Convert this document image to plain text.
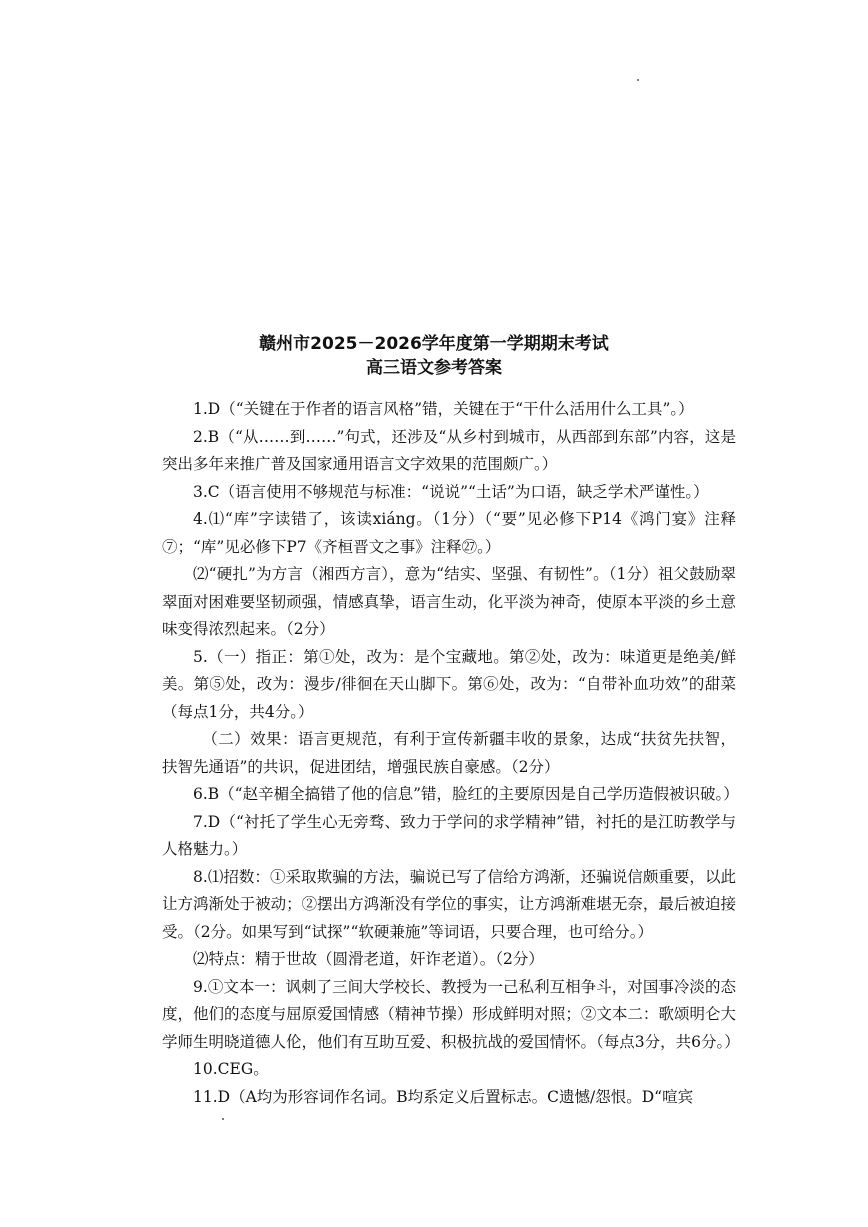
赣州市2025－2026学年度第一学期期末考试

高三语文参考答案

1.D（“关键在于作者的语言风格”错，关键在于“干什么活用什么工具”。）

2.B（“从……到……”句式，还涉及“从乡村到城市，从西部到东部”内容，这是突出多年来推广普及国家通用语言文字效果的范围颇广。）

3.C（语言使用不够规范与标准：“说说”“土话”为口语，缺乏学术严谨性。）

4.⑴“库”字读错了，该读xiáng。（1分）（“要”见必修下P14《鸿门宴》注释⑦；“库”见必修下P7《齐桓晋文之事》注释㉗。）

⑵“硬扎”为方言（湘西方言），意为“结实、坚强、有韧性”。（1分）祖父鼓励翠翠面对困难要坚韧顽强，情感真挚，语言生动，化平淡为神奇，使原本平淡的乡土意味变得浓烈起来。（2分）

5.（一）指正：第①处，改为：是个宝藏地。第②处，改为：味道更是绝美/鲜美。第⑤处，改为：漫步/徘徊在天山脚下。第⑥处，改为：“自带补血功效”的甜菜（每点1分，共4分。）

（二）效果：语言更规范，有利于宣传新疆丰收的景象，达成“扶贫先扶智，扶智先通语”的共识，促进团结，增强民族自豪感。（2分）

6.B（“赵辛楣全搞错了他的信息”错，脸红的主要原因是自己学历造假被识破。）

7.D（“衬托了学生心无旁骛、致力于学问的求学精神”错，衬托的是江昉教学与人格魅力。）

8.⑴招数：①采取欺骗的方法，骗说已写了信给方鸿渐，还骗说信颇重要，以此让方鸿渐处于被动；②摆出方鸿渐没有学位的事实，让方鸿渐难堪无奈，最后被迫接受。（2分。如果写到“试探”“软硬兼施”等词语，只要合理，也可给分。）

⑵特点：精于世故（圆滑老道，奸诈老道）。（2分）

9.①文本一：讽刺了三间大学校长、教授为一己私利互相争斗，对国事冷淡的态度，他们的态度与屈原爱国情感（精神节操）形成鲜明对照；②文本二：歌颂明仑大学师生明晓道德人伦，他们有互助互爱、积极抗战的爱国情怀。（每点3分，共6分。）

10.CEG。

11.D（A均为形容词作名词。B均系定义后置标志。C遗憾/怨恨。D“喧宾
